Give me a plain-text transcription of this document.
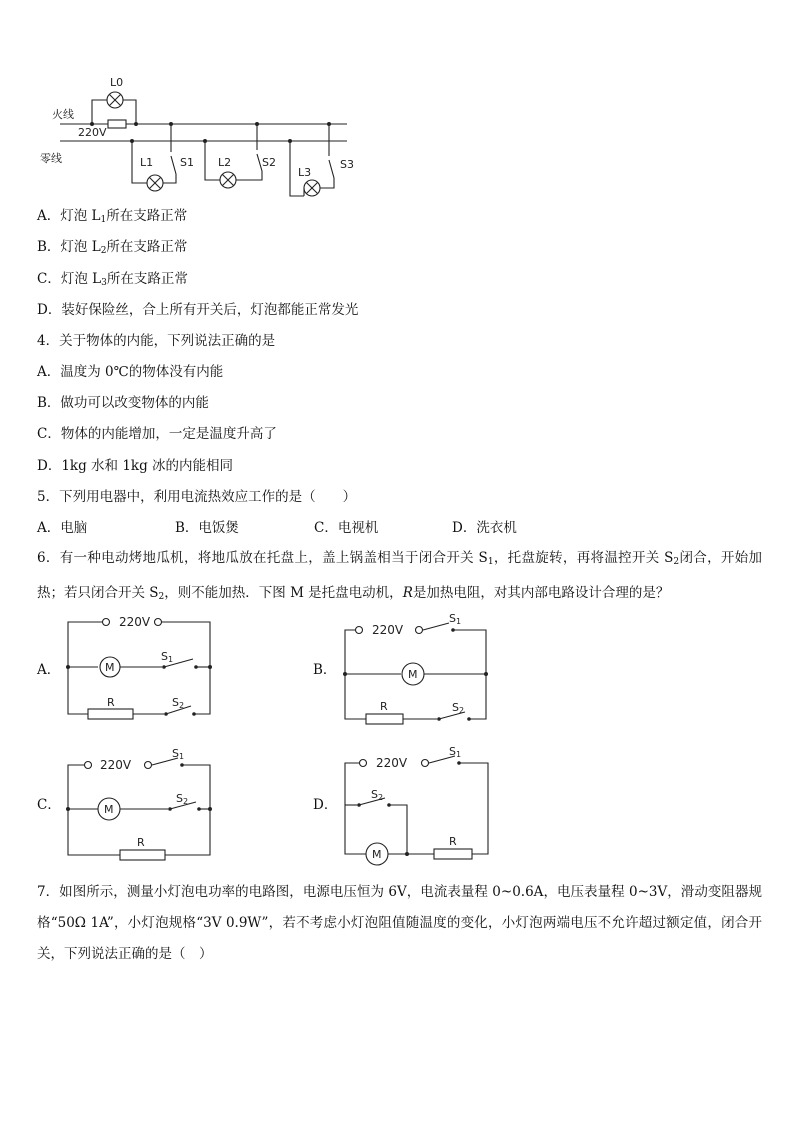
火线
零线
220V
L0
L1 S1 L2	S2
L3
S3
A．灯泡 $L_1$所在支路正常
B．灯泡 $L_2$所在支路正常
C．灯泡 $L_3$所在支路正常
D．装好保险丝，合上所有开关后，灯泡都能正常发光
4．关于物体的内能，下列说法正确的是
A．温度为 0℃的物体没有内能
B．做功可以改变物体的内能
C．物体的内能增加，一定是温度升高了
D．1kg 水和 1kg 冰的内能相同
5．下列用电器中，利用电流热效应工作的是（　　）
A．电脑	B．电饭煲	C．电视机	D．洗衣机
6．有一种电动烤地瓜机，将地瓜放在托盘上，盖上锅盖相当于闭合开关 $S_1$，托盘旋转，再将温控开关 $S_2$闭合，开始加热；若只闭合开关 $S_2$，则不能加热．下图 M 是托盘电动机，R是加热电阻，对其内部电路设计合理的是？
A．	B．
C．	D．
220V
M
S1
R	S2
220V
S1
M
R	S2
220V
S1
M
S2
R
220V
S1
S2
M
R
7．如图所示，测量小灯泡电功率的电路图，电源电压恒为 6V，电流表量程 0~0.6A，电压表量程 0~3V，滑动变阻器规格“50Ω 1A”，小灯泡规格“3V 0.9W”，若不考虑小灯泡阻值随温度的变化，小灯泡两端电压不允许超过额定值，闭合开关，下列说法正确的是（　）
